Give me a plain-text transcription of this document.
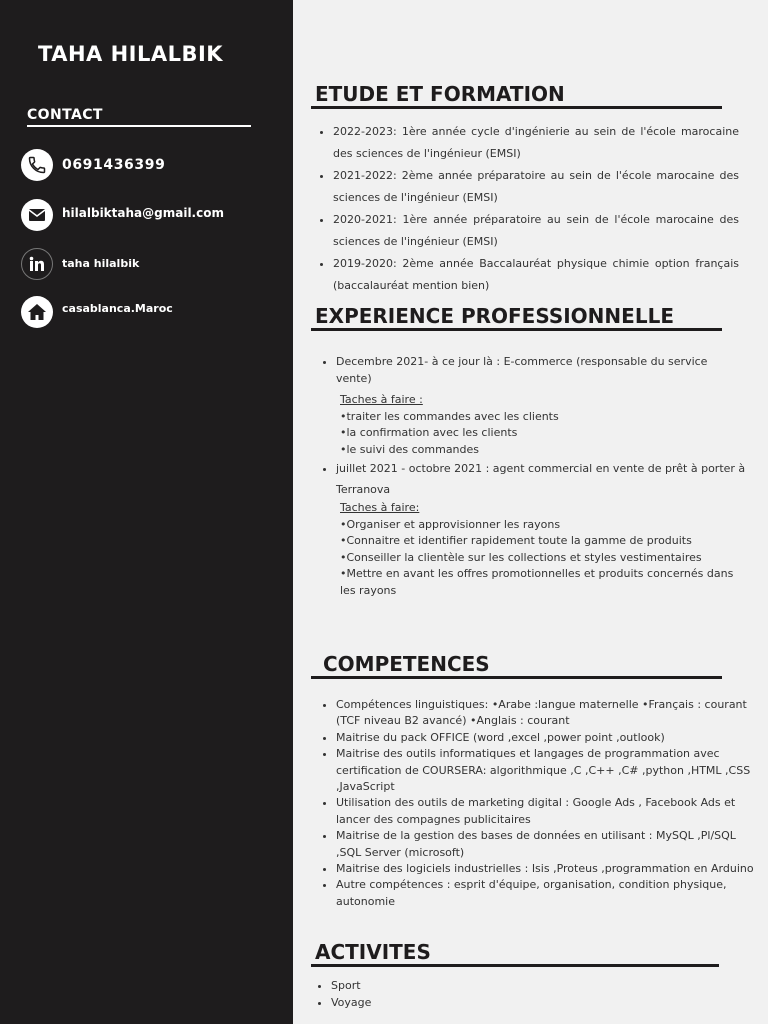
TAHA HILALBIK
CONTACT
0691436399
hilalbiktaha@gmail.com
taha hilalbik
casablanca.Maroc
ETUDE ET FORMATION
• 2022-2023: 1ère année cycle d'ingénierie au sein de l'école marocaine des sciences de l'ingénieur (EMSI)
• 2021-2022: 2ème année préparatoire au sein de l'école marocaine des sciences de l'ingénieur (EMSI)
• 2020-2021: 1ère année préparatoire au sein de l'école marocaine des sciences de l'ingénieur (EMSI)
• 2019-2020: 2ème année Baccalauréat physique chimie option français (baccalauréat mention bien)
EXPERIENCE PROFESSIONNELLE
• Decembre 2021- à ce jour là : E-commerce (responsable du service vente)
Taches à faire :
•traiter les commandes avec les clients
•la confirmation avec les clients
•le suivi des commandes
• juillet 2021 - octobre 2021 : agent commercial en vente de prêt à porter à Terranova
Taches à faire:
•Organiser et approvisionner les rayons
•Connaitre et identifier rapidement toute la gamme de produits
•Conseiller la clientèle sur les collections et styles vestimentaires
•Mettre en avant les offres promotionnelles et produits concernés dans les rayons
COMPETENCES
• Compétences linguistiques: •Arabe :langue maternelle •Français : courant (TCF niveau B2 avancé) •Anglais : courant
• Maitrise du pack OFFICE (word ,excel ,power point ,outlook)
• Maitrise des outils informatiques et langages de programmation avec certification de COURSERA: algorithmique ,C ,C++ ,C# ,python ,HTML ,CSS ,JavaScript
• Utilisation des outils de marketing digital : Google Ads , Facebook Ads et lancer des compagnes publicitaires
• Maitrise de la gestion des bases de données en utilisant : MySQL ,Pl/SQL ,SQL Server (microsoft)
• Maitrise des logiciels industrielles : Isis ,Proteus ,programmation en Arduino
• Autre compétences : esprit d'équipe, organisation, condition physique, autonomie
ACTIVITES
• Sport
• Voyage
